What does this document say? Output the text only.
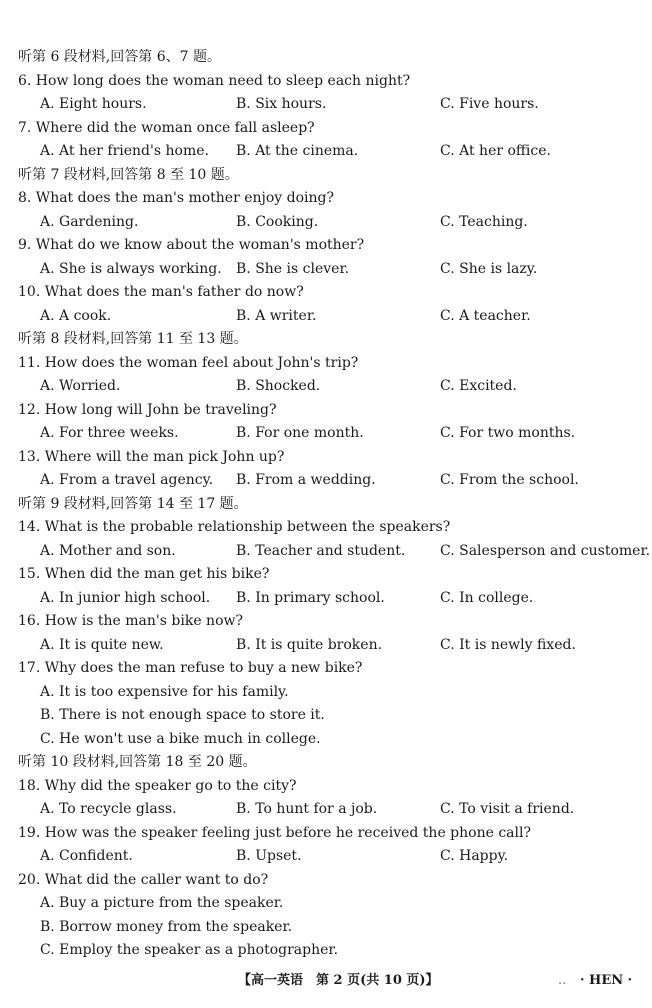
听第 6 段材料,回答第 6、7 题。
6. How long does the woman need to sleep each night?
A. Eight hours.	B. Six hours.	C. Five hours.
7. Where did the woman once fall asleep?
A. At her friend's home. B. At the cinema.	C. At her office.
听第 7 段材料,回答第 8 至 10 题。
8. What does the man's mother enjoy doing?
A. Gardening.	B. Cooking.	C. Teaching.
9. What do we know about the woman's mother?
A. She is always working. B. She is clever.	C. She is lazy.
10. What does the man's father do now?
A. A cook.	B. A writer.	C. A teacher.
听第 8 段材料,回答第 11 至 13 题。
11. How does the woman feel about John's trip?
A. Worried.	B. Shocked.	C. Excited.
12. How long will John be traveling?
A. For three weeks.	B. For one month.	C. For two months.
13. Where will the man pick John up?
A. From a travel agency. B. From a wedding.	C. From the school.
听第 9 段材料,回答第 14 至 17 题。
14. What is the probable relationship between the speakers?
A. Mother and son.	B. Teacher and student. C. Salesperson and customer.
15. When did the man get his bike?
A. In junior high school. B. In primary school.	C. In college.
16. How is the man's bike now?
A. It is quite new.	B. It is quite broken.	C. It is newly fixed.
17. Why does the man refuse to buy a new bike?
A. It is too expensive for his family.
B. There is not enough space to store it.
C. He won't use a bike much in college.
听第 10 段材料,回答第 18 至 20 题。
18. Why did the speaker go to the city?
A. To recycle glass.	B. To hunt for a job.	C. To visit a friend.
19. How was the speaker feeling just before he received the phone call?
A. Confident.	B. Upset.	C. Happy.
20. What did the caller want to do?
A. Buy a picture from the speaker.
B. Borrow money from the speaker.
C. Employ the speaker as a photographer.
【高一英语　第 2 页(共 10 页)】	.. · HEN ·
